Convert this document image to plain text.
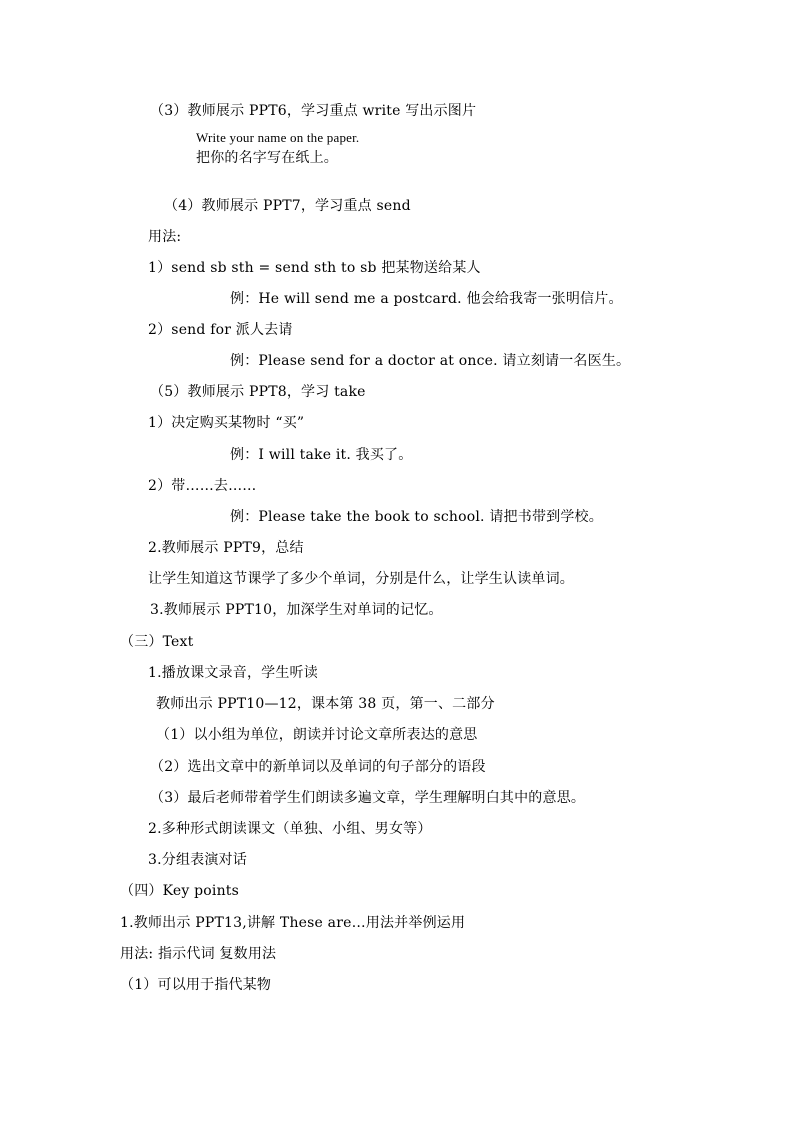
（3）教师展示 PPT6，学习重点 write 写出示图片
Write your name on the paper.
把你的名字写在纸上。
（4）教师展示 PPT7，学习重点 send
用法:
1）send sb sth = send sth to sb 把某物送给某人
例：He will send me a postcard. 他会给我寄一张明信片。
2）send for 派人去请
例：Please send for a doctor at once. 请立刻请一名医生。
（5）教师展示 PPT8，学习 take
1）决定购买某物时 “买”
例：I will take it. 我买了。
2）带……去……
例：Please take the book to school. 请把书带到学校。
2.教师展示 PPT9，总结
让学生知道这节课学了多少个单词，分别是什么，让学生认读单词。
3.教师展示 PPT10，加深学生对单词的记忆。
（三）Text
1.播放课文录音，学生听读
教师出示 PPT10—12，课本第 38 页，第一、二部分
（1）以小组为单位，朗读并讨论文章所表达的意思
（2）选出文章中的新单词以及单词的句子部分的语段
（3）最后老师带着学生们朗读多遍文章，学生理解明白其中的意思。
2.多种形式朗读课文（单独、小组、男女等）
3.分组表演对话
（四）Key points
1.教师出示 PPT13,讲解 These are…用法并举例运用
用法: 指示代词 复数用法
（1）可以用于指代某物
